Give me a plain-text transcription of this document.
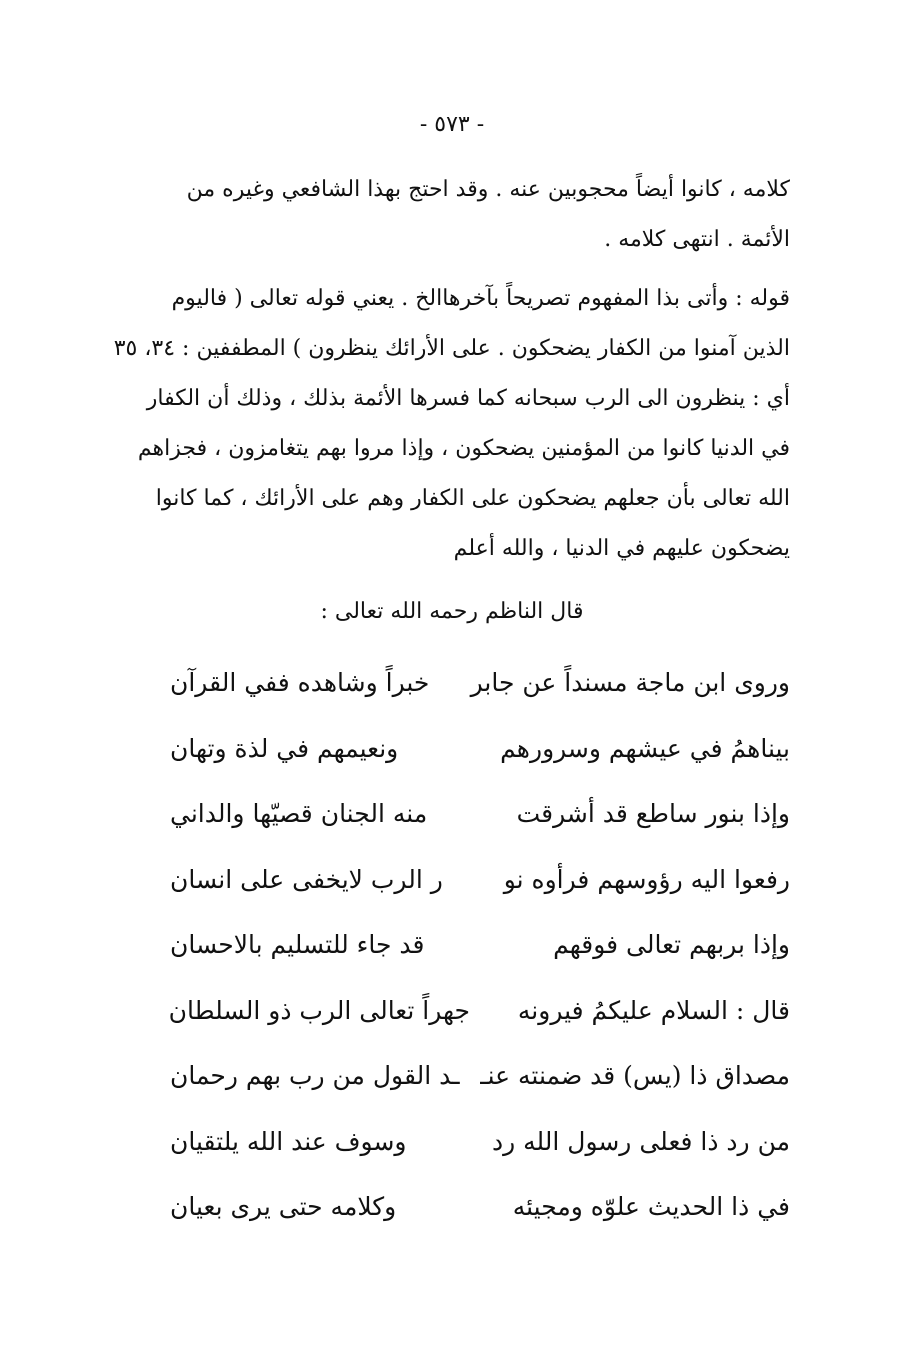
- ٥٧٣ -
كلامه ، كانوا أيضاً محجوبين عنه . وقد احتج بهذا الشافعي وغيره من
الأئمة . انتهى كلامه .
قوله : وأتى بذا المفهوم تصريحاً بآخرهاالخ . يعني قوله تعالى ( فاليوم
الذين آمنوا من الكفار يضحكون . على الأرائك ينظرون ) المطففين : ٣٤، ٣٥
أي : ينظرون الى الرب سبحانه كما فسرها الأئمة بذلك ، وذلك أن الكفار
في الدنيا كانوا من المؤمنين يضحكون ، وإذا مروا بهم يتغامزون ، فجزاهم
الله تعالى بأن جعلهم يضحكون على الكفار وهم على الأرائك ، كما كانوا
يضحكون عليهم في الدنيا ، والله أعلم
قال الناظم رحمه الله تعالى :
وروى ابن ماجة مسنداً عن جابر
خبراً وشاهده ففي القرآن
بيناهمُ في عيشهم وسرورهم
ونعيمهم في لذة وتهان
وإذا بنور ساطع قد أشرقت
منه الجنان قصيّها والداني
رفعوا اليه رؤوسهم فرأوه نو
ر الرب لايخفى على انسان
وإذا بربهم تعالى فوقهم
قد جاء للتسليم بالاحسان
قال : السلام عليكمُ فيرونه
جهراً تعالى الرب ذو السلطان
مصداق ذا (يس) قد ضمنته عنـ
ـد القول من رب بهم رحمان
من رد ذا فعلى رسول الله رد
وسوف عند الله يلتقيان
في ذا الحديث علوّه ومجيئه
وكلامه حتى يرى بعيان
